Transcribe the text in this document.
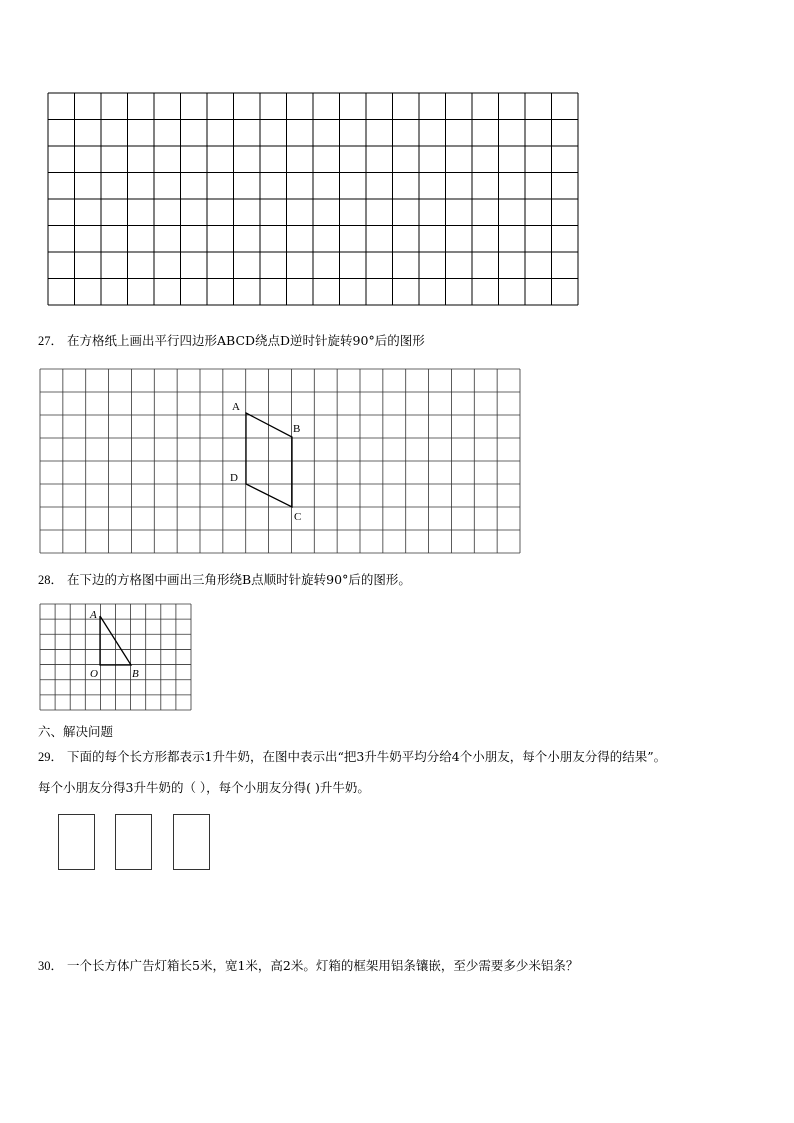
27． 在方格纸上画出平行四边形ABCD绕点D逆时针旋转90°后的图形
A
B
C
D
28． 在下边的方格图中画出三角形绕B点顺时针旋转90°后的图形。
A
O	B
六、解决问题
29． 下面的每个长方形都表示1升牛奶，在图中表示出“把3升牛奶平均分给4个小朋友，每个小朋友分得的结果”。
每个小朋友分得3升牛奶的（ ），每个小朋友分得( )升牛奶。
30． 一个长方体广告灯箱长5米，宽1米，高2米。灯箱的框架用铝条镶嵌，至少需要多少米铝条？
